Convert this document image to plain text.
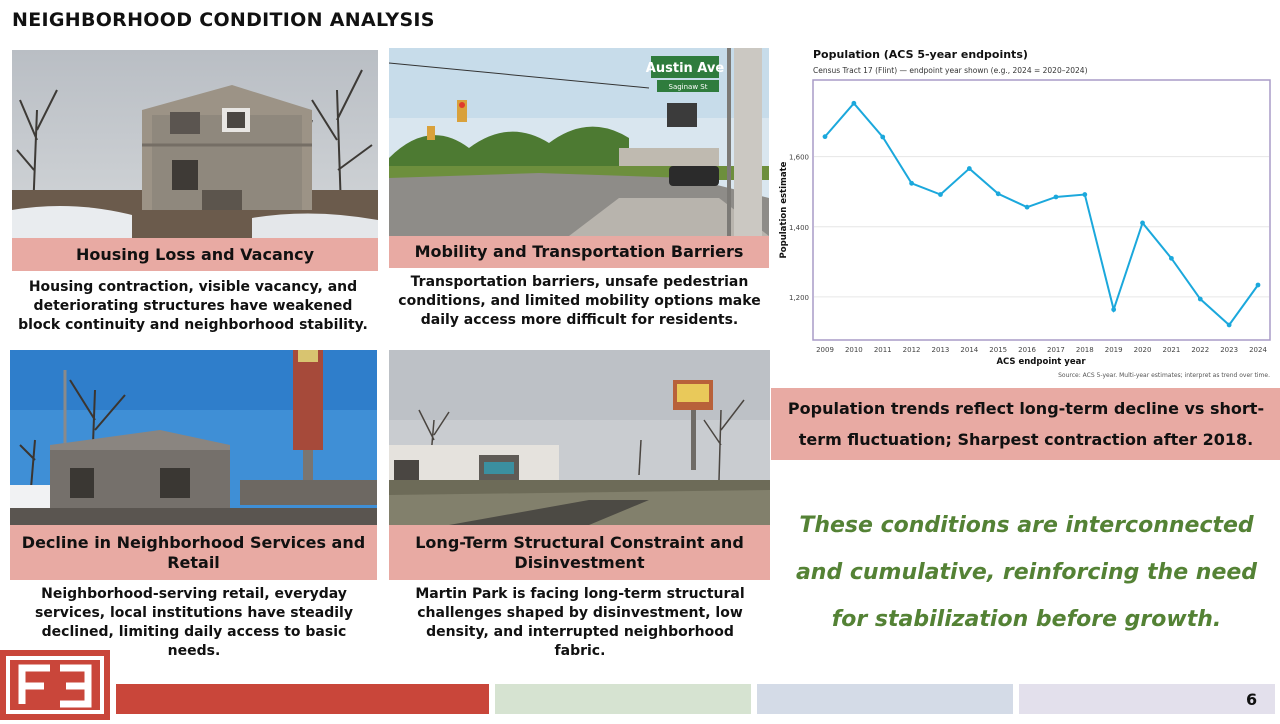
NEIGHBORHOOD CONDITION ANALYSIS
Housing Loss and Vacancy
Housing contraction, visible vacancy, and deteriorating structures have weakened block continuity and neighborhood stability.
Austin Ave
Saginaw St
Mobility and Transportation Barriers
Transportation barriers, unsafe pedestrian conditions, and limited mobility options make daily access more difficult for residents.
Decline in Neighborhood Services and Retail
Neighborhood-serving retail, everyday services, local institutions have steadily declined, limiting daily access to basic needs.
Long-Term Structural Constraint and Disinvestment
Martin Park is facing long-term structural challenges shaped by disinvestment, low density, and interrupted neighborhood fabric.
Population (ACS 5-year endpoints)
Census Tract 17 (Flint) — endpoint year shown (e.g., 2024 = 2020–2024)
1,200
1,400
1,600
2009 2010 2011 2012 2013 2014 2015 2016 2017 2018 2019 2020 2021 2022 2023 2024
ACS endpoint year
Population estimate
Source: ACS 5-year. Multi-year estimates; interpret as trend over time.
Population trends reflect long-term decline vs short-term fluctuation; Sharpest contraction after 2018.
These conditions are interconnected and cumulative, reinforcing the need for stabilization before growth.
6
